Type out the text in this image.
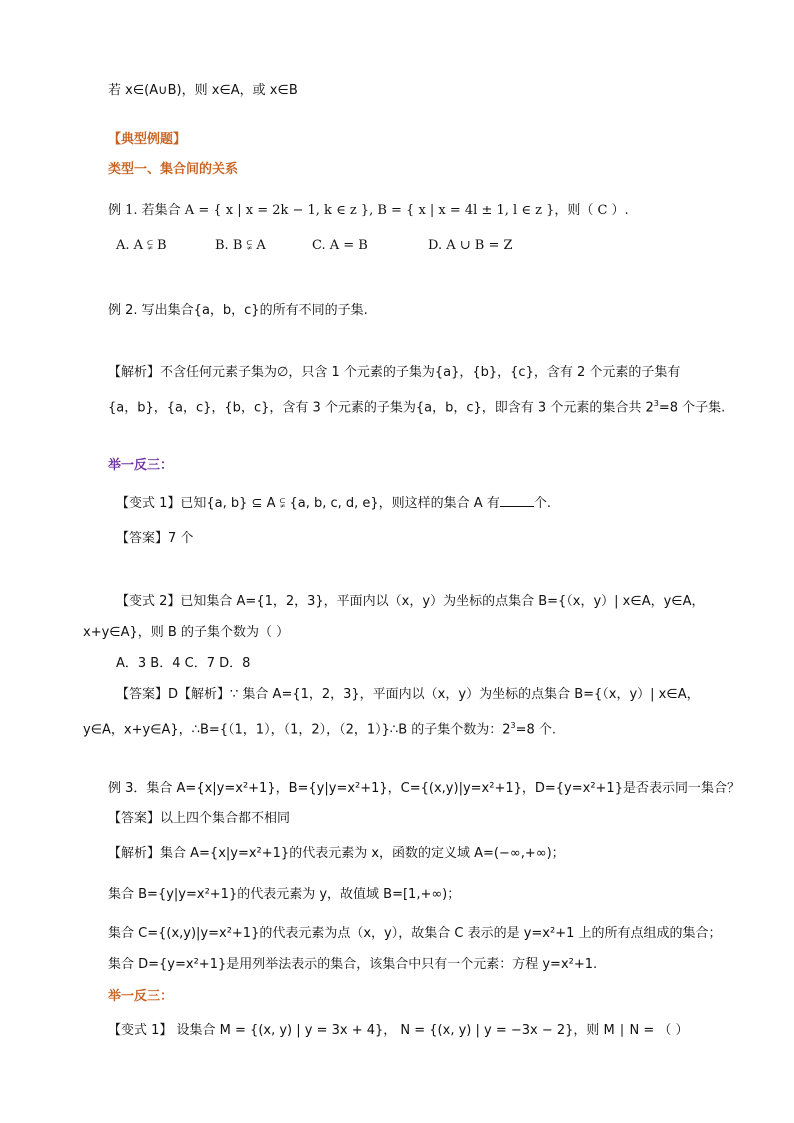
若 x∈(A∪B)，则 x∈A，或 x∈B
【典型例题】
类型一、集合间的关系
例 1. 若集合 A = { x | x = 2k − 1, k ∈ z }, B = { x | x = 4l ± 1, l ∈ z }，则（ C ）.
A. A ⫋ B	B. B ⫋ A	C. A = B	D. A ∪ B = Z
例 2. 写出集合{a，b，c}的所有不同的子集.
【解析】不含任何元素子集为∅，只含 1 个元素的子集为{a}，{b}，{c}，含有 2 个元素的子集有
{a，b}，{a，c}，{b，c}，含有 3 个元素的子集为{a，b，c}，即含有 3 个元素的集合共 $2^3=8$ 个子集.
举一反三：
【变式 1】已知{a, b} ⊆ A ⫋ {a, b, c, d, e}，则这样的集合 A 有	个.
【答案】7 个
【变式 2】已知集合 A={1，2，3}，平面内以（x，y）为坐标的点集合 B={（x，y）| x∈A，y∈A，
x+y∈A}，则 B 的子集个数为（ ）
A．3 B．4 C．7 D．8
【答案】D【解析】∵ 集合 A={1，2，3}，平面内以（x，y）为坐标的点集合 B={（x，y）| x∈A，
y∈A，x+y∈A}，∴B={（1，1），（1，2），（2，1）}∴B 的子集个数为：$2^3=8$ 个.
例 3．集合 A={x|y=x²+1}，B={y|y=x²+1}，C={(x,y)|y=x²+1}，D={y=x²+1}是否表示同一集合？
【答案】以上四个集合都不相同
【解析】集合 A={x|y=x²+1}的代表元素为 x，函数的定义域 A=(−∞,+∞)；
集合 B={y|y=x²+1}的代表元素为 y，故值域 B=[1,+∞)；
集合 C={(x,y)|y=x²+1}的代表元素为点（x，y），故集合 C 表示的是 y=x²+1 上的所有点组成的集合；
集合 D={y=x²+1}是用列举法表示的集合，该集合中只有一个元素：方程 y=x²+1.
举一反三：
【变式 1】 设集合 M = {(x, y) | y = 3x + 4}， N = {(x, y) | y = −3x − 2}，则 M ∣ N = （ ）
